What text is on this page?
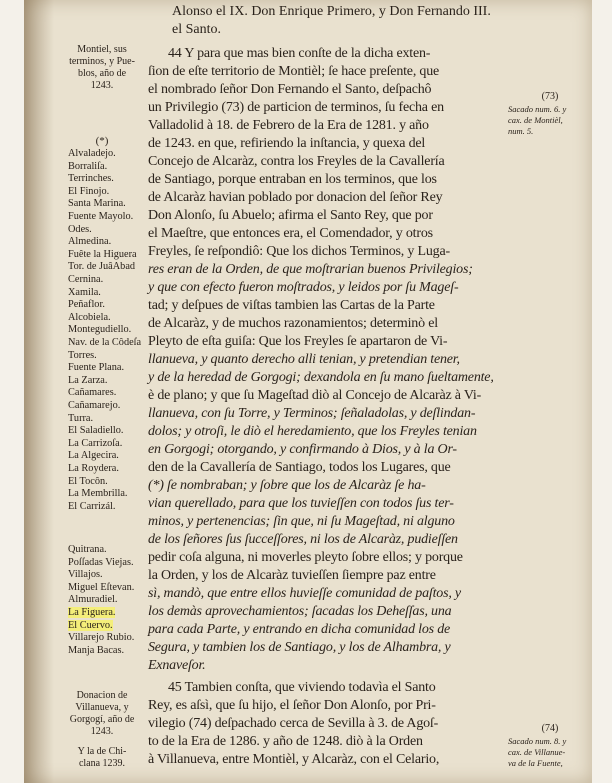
Alonso el IX. Don Enrique Primero, y Don Fernando III.
el Santo.
Montiel, sus
terminos, y Pue-
blos, año de
1243.
(*)
Alvaladejo.
Borraliſa.
Terrinches.
El Finojo.
Santa Marina.
Fuente Mayolo.
Odes.
Almedina.
Fuête la Higuera
Tor. de JuâAbad
Cernina.
Xamila.
Peñaflor.
Alcobiela.
Montegudiello.
Nav. de la Côdeſa
Torres.
Fuente Plana.
La Zarza.
Cañamares.
Cañamarejo.
Turra.
El Saladiello.
La Carrizoſa.
La Algecira.
La Roydera.
El Tocôn.
La Membrilla.
El Carrizál.
Quitrana.
Poſſadas Viejas.
Villajos.
Miguel Eſtevan.
Almuradiel.
La Figuera.
El Cuervo.
Villarejo Rubio.
Manja Bacas.
Donacion de
Villanueva, y
Gorgogí, año de
1243.
Y la de Chi-
clana 1239.
44 Y para que mas bien conſte de la dicha exten-
ſion de eſte territorio de Montièl; ſe hace preſente, que
el nombrado ſeñor Don Fernando el Santo, deſpachô
un Privilegio (73) de particion de terminos, ſu fecha en
Valladolid à 18. de Febrero de la Era de 1281. y año
de 1243. en que, refiriendo la inſtancia, y quexa del
Concejo de Alcaràz, contra los Freyles de la Cavallería
de Santiago, porque entraban en los terminos, que los
de Alcaràz havian poblado por donacion del ſeñor Rey
Don Alonſo, ſu Abuelo; afirma el Santo Rey, que por
el Maeſtre, que entonces era, el Comendador, y otros
Freyles, ſe reſpondiô: Que los dichos Terminos, y Luga-
res eran de la Orden, de que moſtrarian buenos Privilegios;
y que con efecto fueron moſtrados, y leidos por ſu Mageſ-
tad; y deſpues de viſtas tambien las Cartas de la Parte
de Alcaràz, y de muchos razonamientos; determinò el
Pleyto de eſta guiſa: Que los Freyles ſe apartaron de Vi-
llanueva, y quanto derecho alli tenian, y pretendian tener,
y de la heredad de Gorgogi; dexandola en ſu mano ſueltamente,
è de plano; y que ſu Mageſtad diò al Concejo de Alcaràz à Vi-
llanueva, con ſu Torre, y Terminos; ſeñaladolas, y deſlindan-
dolos; y otroſi, le diò el heredamiento, que los Freyles tenian
en Gorgogi; otorgando, y confirmando à Dios, y à la Or-
den de la Cavallería de Santiago, todos los Lugares, que
(*) ſe nombraban; y ſobre que los de Alcaràz ſe ha-
vian querellado, para que los tuvieſſen con todos ſus ter-
minos, y pertenencias; ſin que, ni ſu Mageſtad, ni alguno
de los ſeñores ſus ſucceſſores, ni los de Alcaràz, pudieſſen
pedir coſa alguna, ni moverles pleyto ſobre ellos; y porque
la Orden, y los de Alcaràz tuvieſſen ſiempre paz entre
sì, mandò, que entre ellos huvieſſe comunidad de paſtos, y
los demàs aprovechamientos; ſacadas los Deheſſas, una
para cada Parte, y entrando en dicha comunidad los de
Segura, y tambien los de Santiago, y los de Alhambra, y
Exnaveſor.
45 Tambien conſta, que viviendo todavìa el Santo
Rey, es aſsì, que ſu hijo, el ſeñor Don Alonſo, por Pri-
vilegio (74) deſpachado cerca de Sevilla à 3. de Agoſ-
to de la Era de 1286. y año de 1248. diò à la Orden
à Villanueva, entre Montièl, y Alcaràz, con el Celario,
(73)
Sacado num. 6. y
cax. de Montièl,
num. 5.
(74)
Sacado num. 8. y
cax. de Villanue-
va de la Fuente,
